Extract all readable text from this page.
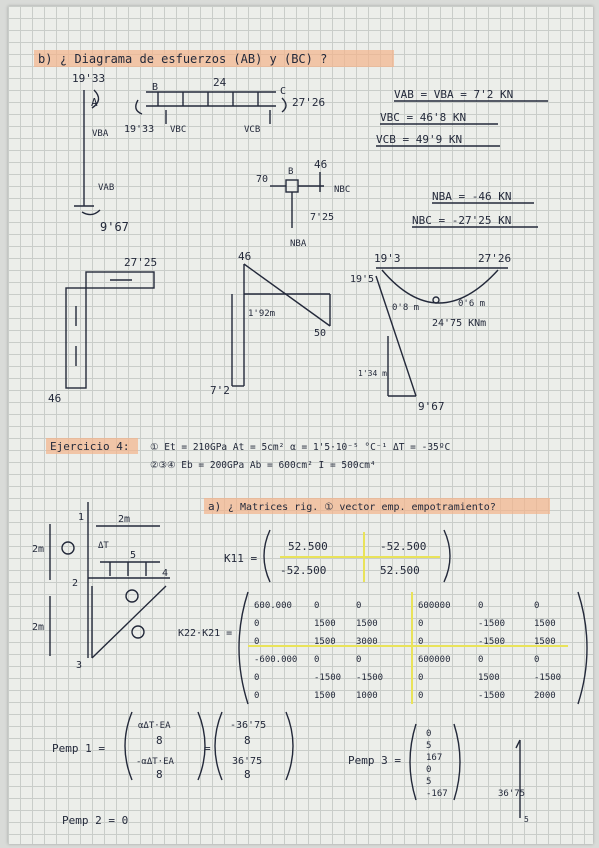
b) ¿ Diagrama de esfuerzos (AB) y (BC) ?
19'33
A
VBA
VAB
9'67
24
B	C
27'26
19'33 VBC	VCB
VAB = VBA = 7'2 KN
VBC = 46'8 KN
VCB = 49'9 KN
70
B
46
NBC
7'25
NBA
NBA = -46 KN
NBC = -27'25 KN
27'25
46
46
1'92m
50
7'2
19'3	27'26
19'5
0'8 m	0'6 m
24'75 KNm
1'34 m
9'67
Ejercicio 4: ① Et = 210GPa At = 5cm² α = 1'5·10⁻⁵ °C⁻¹ ΔT = -35ºC
②③④ Eb = 200GPa Ab = 600cm² I = 500cm⁴
1
2
3
4
2m
2m
2m
5
ΔT
a) ¿ Matrices rig. ① vector emp. empotramiento?
K11 =
52.500	-52.500
-52.500	52.500
K22·K21 =
600.000 0	0	600000	0	0
0	1500 1500	0	-1500	1500
0	1500 3000	0	-1500	1500
-600.000 0	0	600000	0	0
0	-1500 -1500	0	1500	-1500
0	1500 1000	0	-1500	2000
Pemp 1 =
αΔT·EA
8
-αΔT·EA
8
=
-36'75
8
36'75
8
Pemp 3 =
0
5
167
0
5
-167	36'75
5
Pemp 2 = 0
